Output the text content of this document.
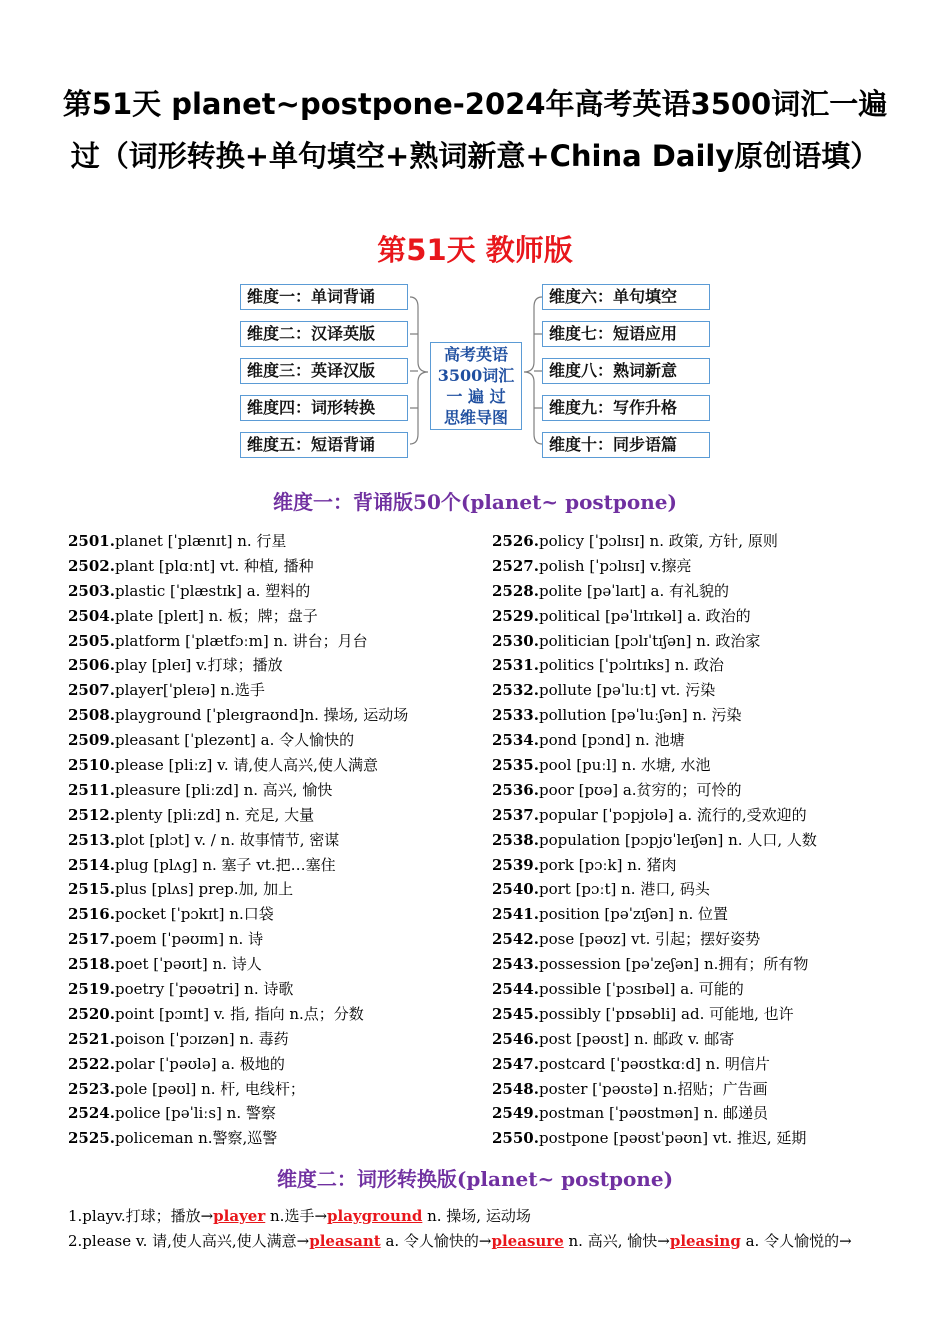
第51天 planet~postpone-2024年高考英语3500词汇一遍过（词形转换+单句填空+熟词新意+China Daily原创语填）
第51天 教师版
维度一：单词背诵
维度二：汉译英版
维度三：英译汉版
维度四：词形转换
维度五：短语背诵
高考英语
3500词汇
一 遍 过
思维导图
维度六：单句填空
维度七：短语应用
维度八：熟词新意
维度九：写作升格
维度十：同步语篇
维度一：背诵版50个(planet~ postpone)
2501.planet [ˈplænɪt] n. 行星
2502.plant [plɑːnt] vt. 种植, 播种
2503.plastic [ˈplæstɪk] a. 塑料的
2504.plate [pleɪt] n. 板；牌；盘子
2505.platform [ˈplætfɔːm] n. 讲台；月台
2506.play [pleɪ] v.打球；播放
2507.player[ˈpleɪə] n.选手
2508.playground [ˈpleɪgraʊnd]n. 操场, 运动场
2509.pleasant [ˈplezənt] a. 令人愉快的
2510.please [pliːz] v. 请,使人高兴,使人满意
2511.pleasure [pliːzd] n. 高兴, 愉快
2512.plenty [pliːzd] n. 充足, 大量
2513.plot [plɔt] v. / n. 故事情节, 密谋
2514.plug [plʌg] n. 塞子 vt.把…塞住
2515.plus [plʌs] prep.加, 加上
2516.pocket [ˈpɔkɪt] n.口袋
2517.poem [ˈpəʊɪm] n. 诗
2518.poet [ˈpəʊɪt] n. 诗人
2519.poetry [ˈpəʊətri] n. 诗歌
2520.point [pɔɪnt] v. 指, 指向 n.点；分数
2521.poison [ˈpɔɪzən] n. 毒药
2522.polar [ˈpəʊlə] a. 极地的
2523.pole [pəʊl] n. 杆, 电线杆；
2524.police [pəˈliːs] n. 警察
2525.policeman n.警察,巡警
2526.policy [ˈpɔlɪsɪ] n. 政策, 方针, 原则
2527.polish [ˈpɔlɪsɪ] v.擦亮
2528.polite [pəˈlaɪt] a. 有礼貌的
2529.political [pəˈlɪtɪkəl] a. 政治的
2530.politician [pɔlɪˈtɪʃən] n. 政治家
2531.politics [ˈpɔlɪtɪks] n. 政治
2532.pollute [pəˈluːt] vt. 污染
2533.pollution [pəˈluːʃən] n. 污染
2534.pond [pɔnd] n. 池塘
2535.pool [puːl] n. 水塘, 水池
2536.poor [pʊə] a.贫穷的；可怜的
2537.popular [ˈpɔpjʊlə] a. 流行的,受欢迎的
2538.population [pɔpjʊˈleɪʃən] n. 人口, 人数
2539.pork [pɔːk] n. 猪肉
2540.port [pɔːt] n. 港口, 码头
2541.position [pəˈzɪʃən] n. 位置
2542.pose [pəʊz] vt. 引起；摆好姿势
2543.possession [pəˈzeʃən] n.拥有；所有物
2544.possible [ˈpɔsɪbəl] a. 可能的
2545.possibly [ˈpɒsəbli] ad. 可能地, 也许
2546.post [pəʊst] n. 邮政 v. 邮寄
2547.postcard [ˈpəʊstkɑːd] n. 明信片
2548.poster [ˈpəʊstə] n.招贴；广告画
2549.postman [ˈpəʊstmən] n. 邮递员
2550.postpone [pəʊstˈpəʊn] vt. 推迟, 延期
维度二：词形转换版(planet~ postpone)
1.playv.打球；播放→player n.选手→playground n. 操场, 运动场
2.please v. 请,使人高兴,使人满意→pleasant a. 令人愉快的→pleasure n. 高兴, 愉快→pleasing a. 令人愉悦的→
